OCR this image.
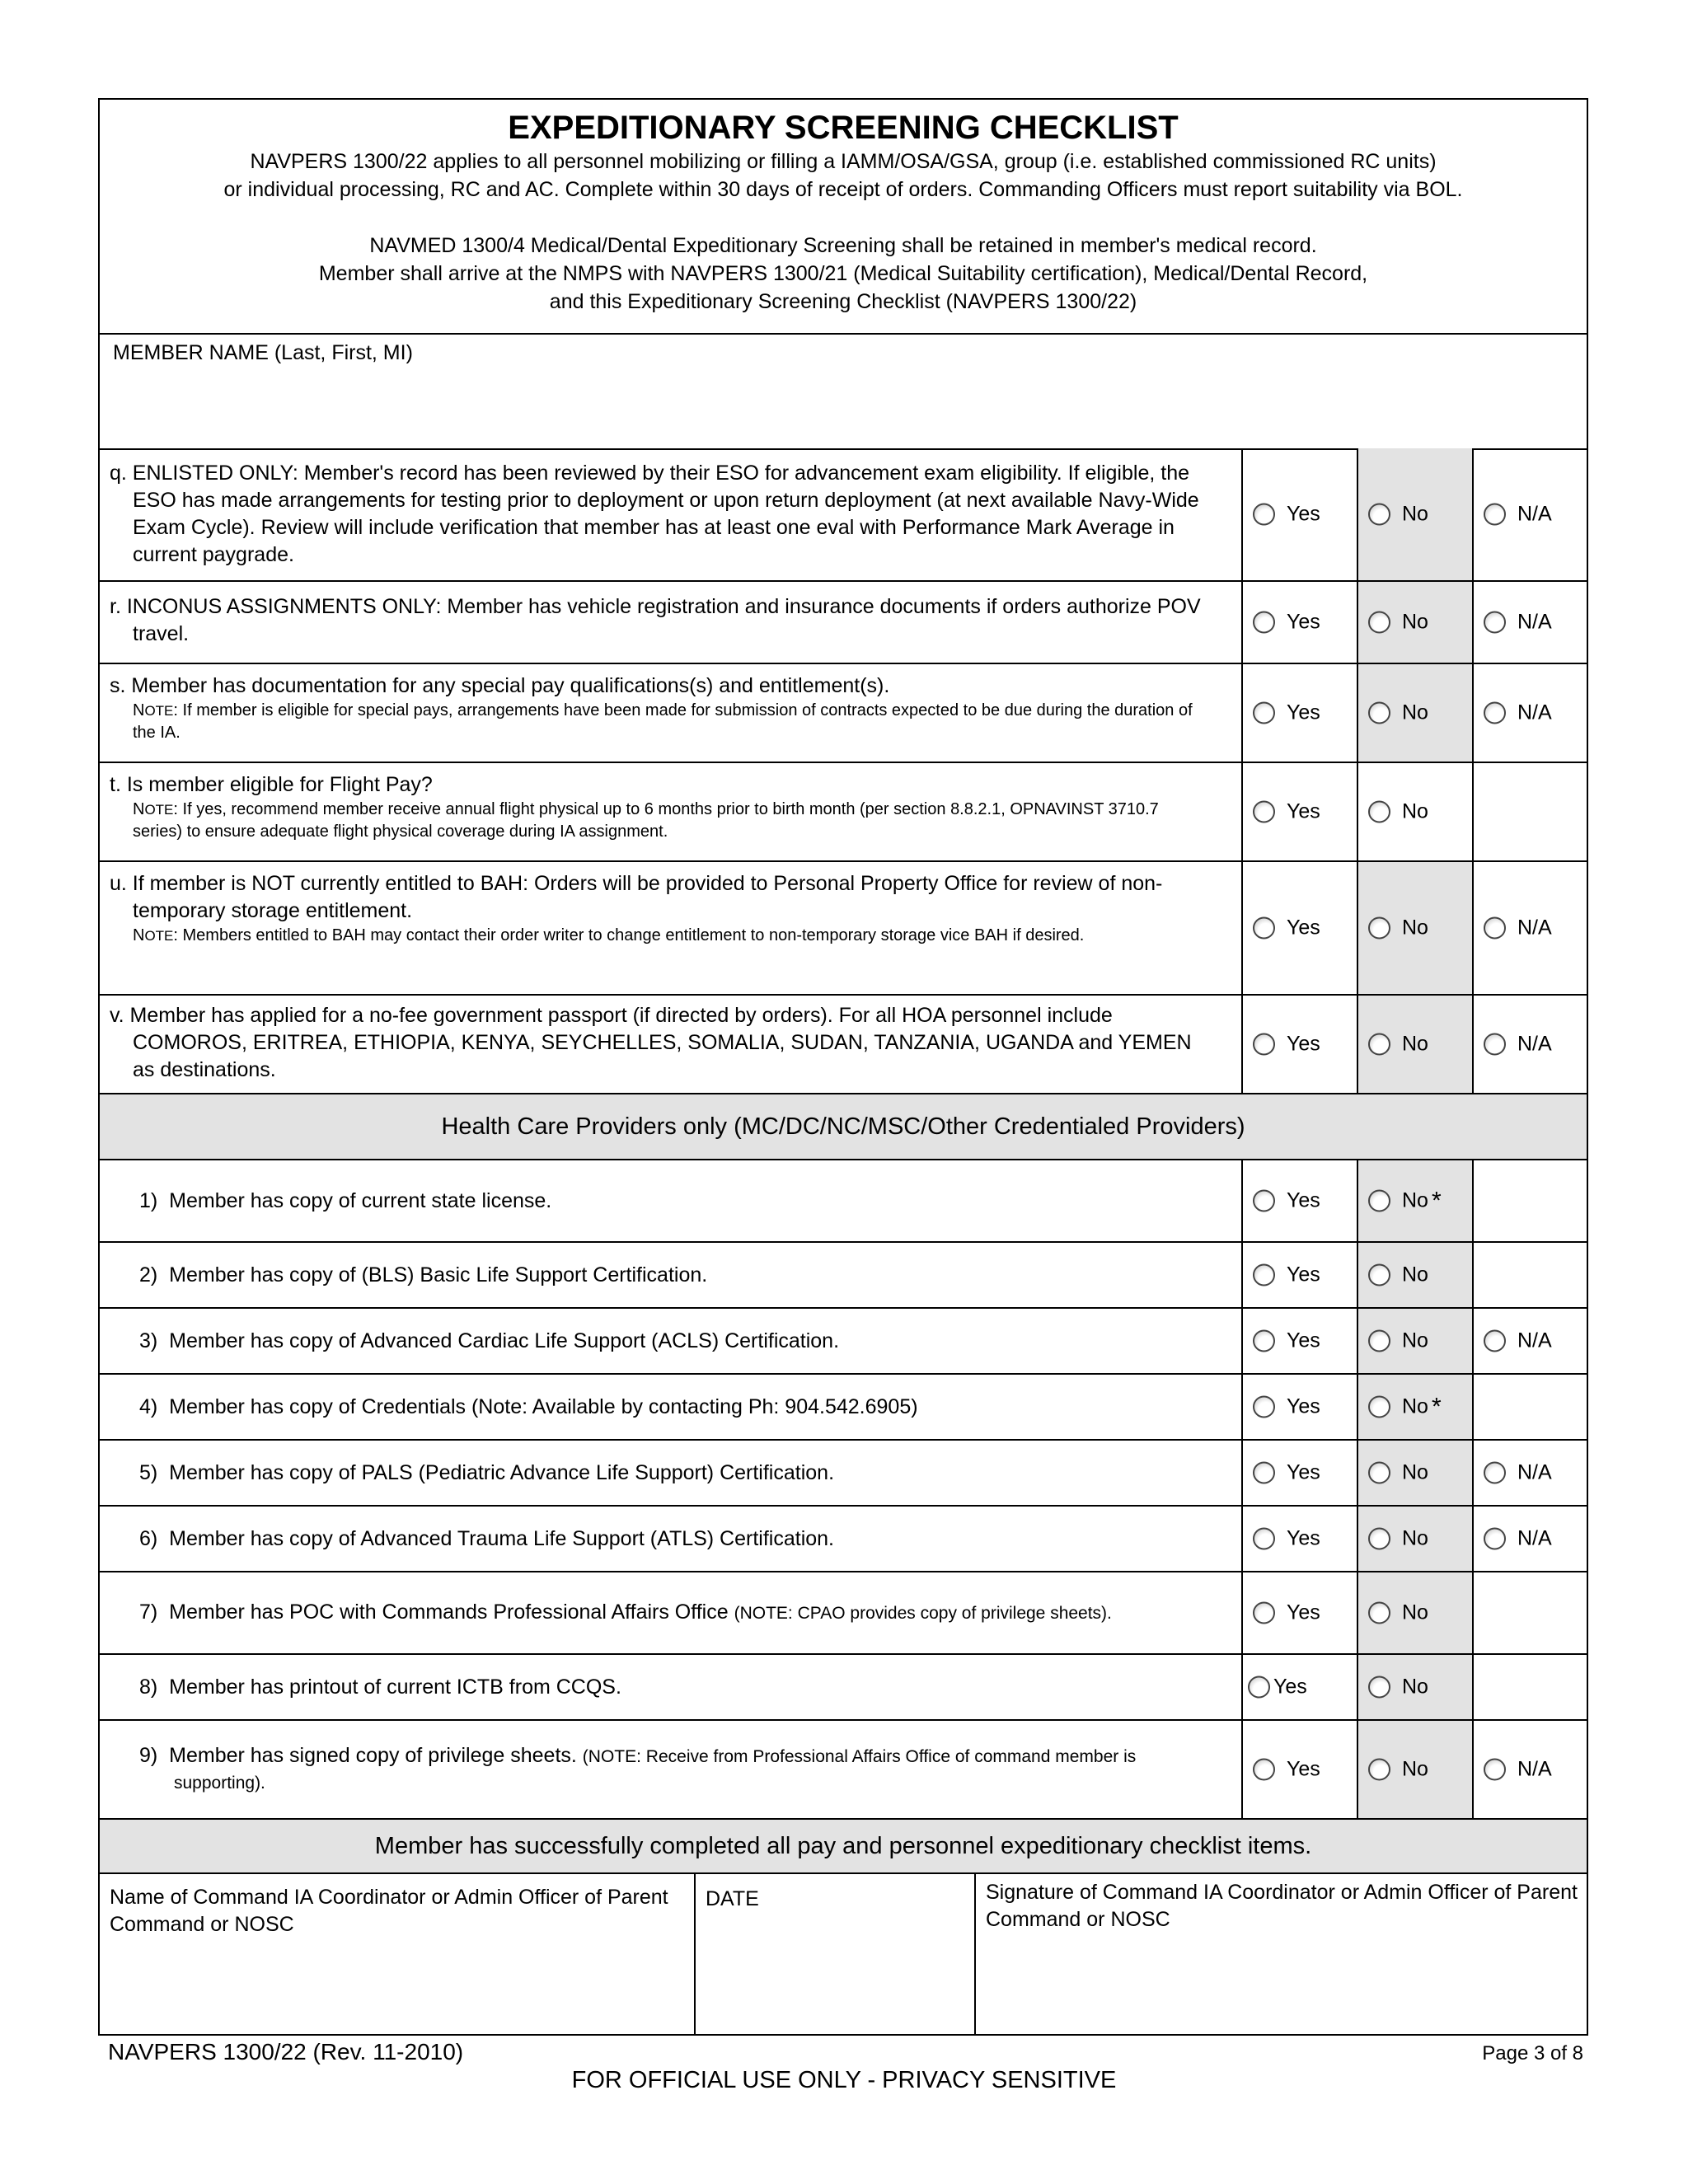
EXPEDITIONARY SCREENING CHECKLIST
NAVPERS 1300/22 applies to all personnel mobilizing or filling a IAMM/OSA/GSA, group (i.e. established commissioned RC units)
or individual processing, RC and AC. Complete within 30 days of receipt of orders. Commanding Officers must report suitability via BOL.
NAVMED 1300/4 Medical/Dental Expeditionary Screening shall be retained in member's medical record.
Member shall arrive at the NMPS with NAVPERS 1300/21 (Medical Suitability certification), Medical/Dental Record,
and this Expeditionary Screening Checklist (NAVPERS 1300/22)
MEMBER NAME (Last, First, MI)
q. ENLISTED ONLY: Member's record has been reviewed by their ESO for advancement exam eligibility. If eligible, the ESO has made arrangements for testing prior to deployment or upon return deployment (at next available Navy-Wide Exam Cycle). Review will include verification that member has at least one eval with Performance Mark Average in current paygrade.
Yes	No	N/A
r. INCONUS ASSIGNMENTS ONLY: Member has vehicle registration and insurance documents if orders authorize POV travel.
Yes	No	N/A
s. Member has documentation for any special pay qualifications(s) and entitlement(s).
NOTE: If member is eligible for special pays, arrangements have been made for submission of contracts expected to be due during the duration of the IA.
Yes	No	N/A
t. Is member eligible for Flight Pay?
NOTE: If yes, recommend member receive annual flight physical up to 6 months prior to birth month (per section 8.8.2.1, OPNAVINST 3710.7 series) to ensure adequate flight physical coverage during IA assignment.
Yes	No
u. If member is NOT currently entitled to BAH: Orders will be provided to Personal Property Office for review of non-temporary storage entitlement.
NOTE: Members entitled to BAH may contact their order writer to change entitlement to non-temporary storage vice BAH if desired.	Yes	No	N/A
v. Member has applied for a no-fee government passport (if directed by orders). For all HOA personnel include COMOROS, ERITREA, ETHIOPIA, KENYA, SEYCHELLES, SOMALIA, SUDAN, TANZANIA, UGANDA and YEMEN as destinations.
Yes	No	N/A
Health Care Providers only (MC/DC/NC/MSC/Other Credentialed Providers)
1) Member has copy of current state license.	Yes	No *
2) Member has copy of (BLS) Basic Life Support Certification.	Yes	No
3) Member has copy of Advanced Cardiac Life Support (ACLS) Certification.	Yes	No	N/A
4) Member has copy of Credentials (Note: Available by contacting Ph: 904.542.6905)	Yes	No *
5) Member has copy of PALS (Pediatric Advance Life Support) Certification.	Yes	No	N/A
6) Member has copy of Advanced Trauma Life Support (ATLS) Certification.	Yes	No	N/A
7) Member has POC with Commands Professional Affairs Office (NOTE: CPAO provides copy of privilege sheets).	Yes	No
8) Member has printout of current ICTB from CCQS.	Yes	No
9) Member has signed copy of privilege sheets. (NOTE: Receive from Professional Affairs Office of command member is supporting).
Yes	No	N/A
Member has successfully completed all pay and personnel expeditionary checklist items.
Name of Command IA Coordinator or Admin Officer of Parent Command or NOSC
DATE	Signature of Command IA Coordinator or Admin Officer of Parent Command or NOSC
NAVPERS 1300/22 (Rev. 11-2010)	Page 3 of 8
FOR OFFICIAL USE ONLY - PRIVACY SENSITIVE
